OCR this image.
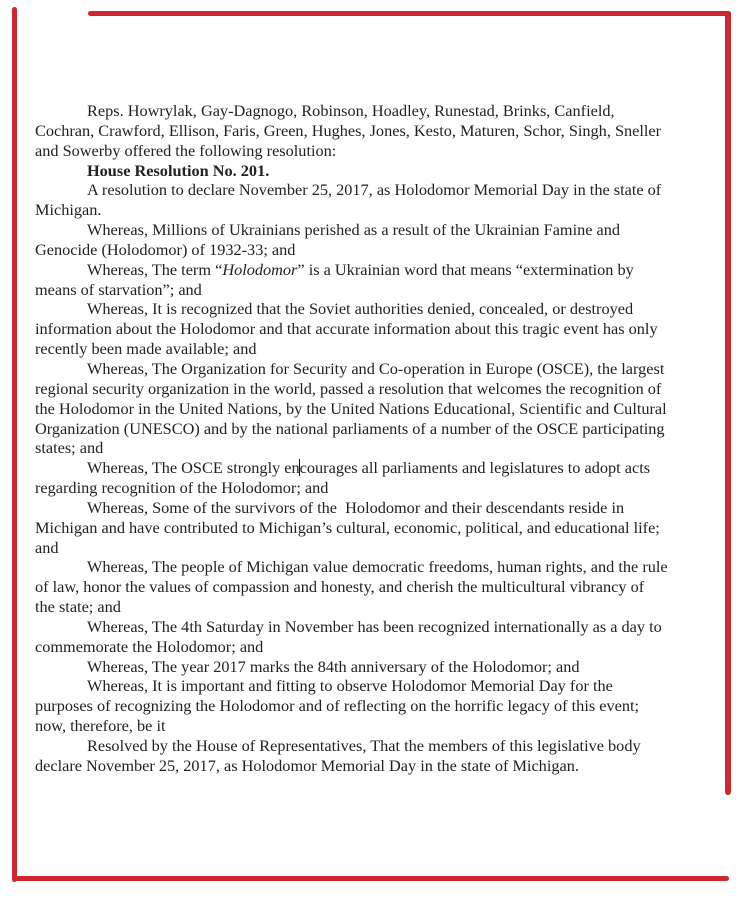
Reps. Howrylak, Gay-Dagnogo, Robinson, Hoadley, Runestad, Brinks, Canfield,
Cochran, Crawford, Ellison, Faris, Green, Hughes, Jones, Kesto, Maturen, Schor, Singh, Sneller
and Sowerby offered the following resolution:
House Resolution No. 201.
A resolution to declare November 25, 2017, as Holodomor Memorial Day in the state of
Michigan.
Whereas, Millions of Ukrainians perished as a result of the Ukrainian Famine and
Genocide (Holodomor) of 1932-33; and
Whereas, The term “Holodomor” is a Ukrainian word that means “extermination by
means of starvation”; and
Whereas, It is recognized that the Soviet authorities denied, concealed, or destroyed
information about the Holodomor and that accurate information about this tragic event has only
recently been made available; and
Whereas, The Organization for Security and Co-operation in Europe (OSCE), the largest
regional security organization in the world, passed a resolution that welcomes the recognition of
the Holodomor in the United Nations, by the United Nations Educational, Scientific and Cultural
Organization (UNESCO) and by the national parliaments of a number of the OSCE participating
states; and
Whereas, The OSCE strongly encourages all parliaments and legislatures to adopt acts
regarding recognition of the Holodomor; and
Whereas, Some of the survivors of the  Holodomor and their descendants reside in
Michigan and have contributed to Michigan’s cultural, economic, political, and educational life;
and
Whereas, The people of Michigan value democratic freedoms, human rights, and the rule
of law, honor the values of compassion and honesty, and cherish the multicultural vibrancy of
the state; and
Whereas, The 4th Saturday in November has been recognized internationally as a day to
commemorate the Holodomor; and
Whereas, The year 2017 marks the 84th anniversary of the Holodomor; and
Whereas, It is important and fitting to observe Holodomor Memorial Day for the
purposes of recognizing the Holodomor and of reflecting on the horrific legacy of this event;
now, therefore, be it
Resolved by the House of Representatives, That the members of this legislative body
declare November 25, 2017, as Holodomor Memorial Day in the state of Michigan.
